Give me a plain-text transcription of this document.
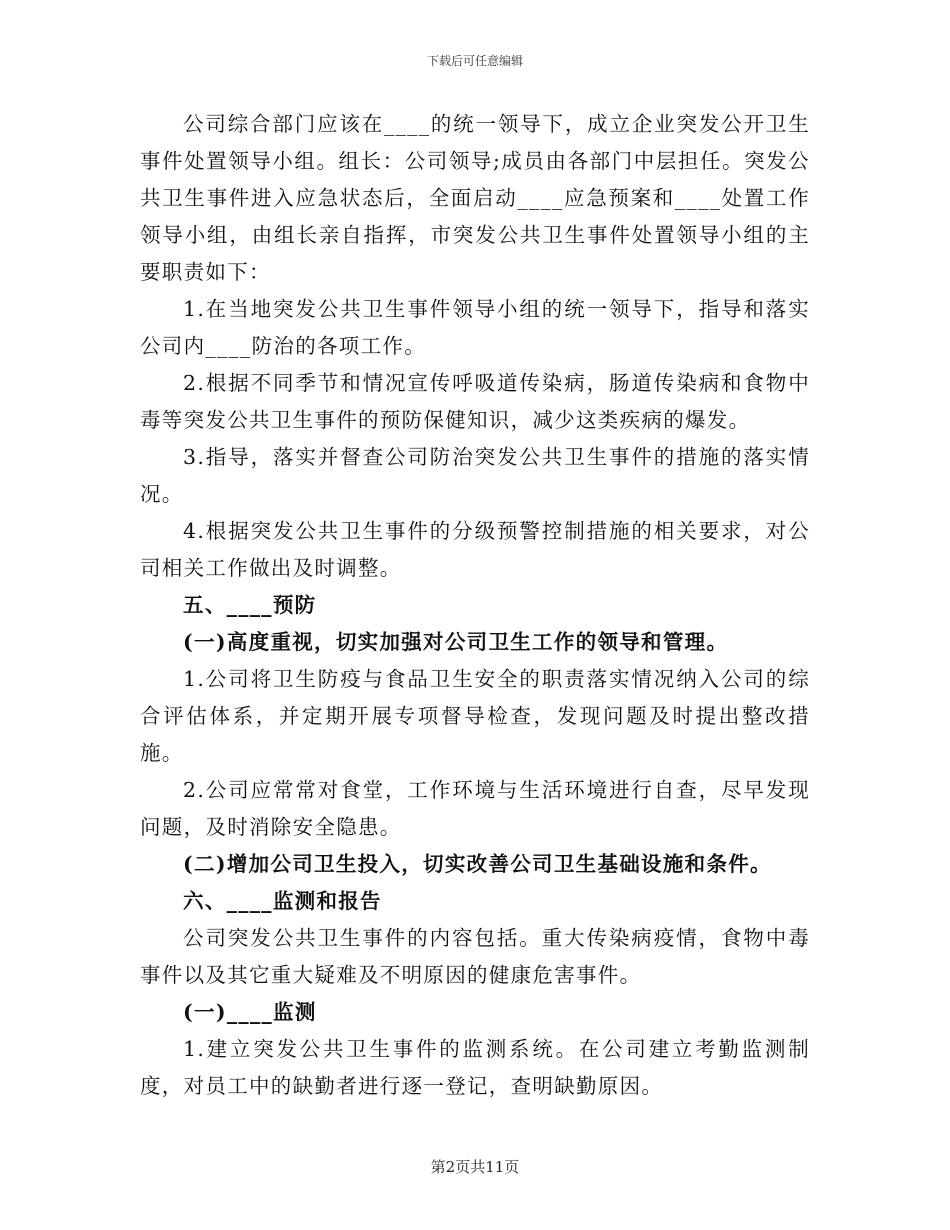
下载后可任意编辑

公司综合部门应该在____的统一领导下，成立企业突发公开卫生事件处置领导小组。组长：公司领导;成员由各部门中层担任。突发公共卫生事件进入应急状态后，全面启动____应急预案和____处置工作领导小组，由组长亲自指挥，市突发公共卫生事件处置领导小组的主要职责如下：

1.在当地突发公共卫生事件领导小组的统一领导下，指导和落实公司内____防治的各项工作。

2.根据不同季节和情况宣传呼吸道传染病，肠道传染病和食物中毒等突发公共卫生事件的预防保健知识，减少这类疾病的爆发。

3.指导，落实并督查公司防治突发公共卫生事件的措施的落实情况。

4.根据突发公共卫生事件的分级预警控制措施的相关要求，对公司相关工作做出及时调整。

五、____预防

(一)高度重视，切实加强对公司卫生工作的领导和管理。

1.公司将卫生防疫与食品卫生安全的职责落实情况纳入公司的综合评估体系，并定期开展专项督导检查，发现问题及时提出整改措施。

2.公司应常常对食堂，工作环境与生活环境进行自查，尽早发现问题，及时消除安全隐患。

(二)增加公司卫生投入，切实改善公司卫生基础设施和条件。

六、____监测和报告

公司突发公共卫生事件的内容包括。重大传染病疫情，食物中毒事件以及其它重大疑难及不明原因的健康危害事件。

(一)____监测

1.建立突发公共卫生事件的监测系统。在公司建立考勤监测制度，对员工中的缺勤者进行逐一登记，查明缺勤原因。

第2页共11页
